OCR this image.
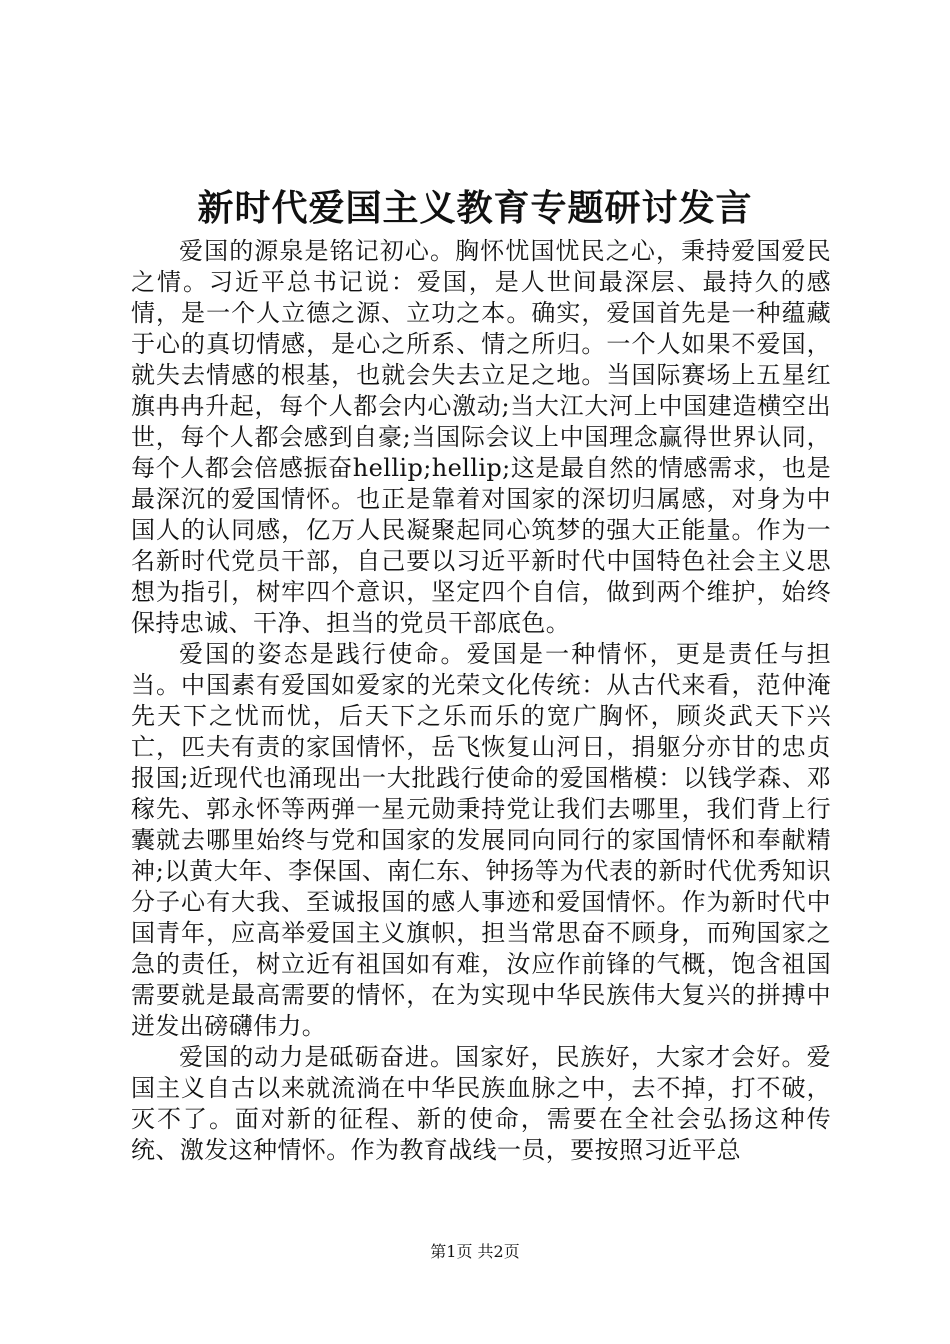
新时代爱国主义教育专题研讨发言

爱国的源泉是铭记初心。胸怀忧国忧民之心，秉持爱国爱民之情。习近平总书记说：爱国，是人世间最深层、最持久的感情，是一个人立德之源、立功之本。确实，爱国首先是一种蕴藏于心的真切情感，是心之所系、情之所归。一个人如果不爱国，就失去情感的根基，也就会失去立足之地。当国际赛场上五星红旗冉冉升起，每个人都会内心激动;当大江大河上中国建造横空出世，每个人都会感到自豪;当国际会议上中国理念赢得世界认同，每个人都会倍感振奋hellip;hellip;这是最自然的情感需求，也是最深沉的爱国情怀。也正是靠着对国家的深切归属感，对身为中国人的认同感，亿万人民凝聚起同心筑梦的强大正能量。作为一名新时代党员干部，自己要以习近平新时代中国特色社会主义思想为指引，树牢四个意识，坚定四个自信，做到两个维护，始终保持忠诚、干净、担当的党员干部底色。

爱国的姿态是践行使命。爱国是一种情怀，更是责任与担当。中国素有爱国如爱家的光荣文化传统：从古代来看，范仲淹先天下之忧而忧，后天下之乐而乐的宽广胸怀，顾炎武天下兴亡，匹夫有责的家国情怀，岳飞恢复山河日，捐躯分亦甘的忠贞报国;近现代也涌现出一大批践行使命的爱国楷模：以钱学森、邓稼先、郭永怀等两弹一星元勋秉持党让我们去哪里，我们背上行囊就去哪里始终与党和国家的发展同向同行的家国情怀和奉献精神;以黄大年、李保国、南仁东、钟扬等为代表的新时代优秀知识分子心有大我、至诚报国的感人事迹和爱国情怀。作为新时代中国青年，应高举爱国主义旗帜，担当常思奋不顾身，而殉国家之急的责任，树立近有祖国如有难，汝应作前锋的气概，饱含祖国需要就是最高需要的情怀，在为实现中华民族伟大复兴的拼搏中迸发出磅礴伟力。

爱国的动力是砥砺奋进。国家好，民族好，大家才会好。爱国主义自古以来就流淌在中华民族血脉之中，去不掉，打不破，灭不了。面对新的征程、新的使命，需要在全社会弘扬这种传统、激发这种情怀。作为教育战线一员，要按照习近平总

第1页 共2页
